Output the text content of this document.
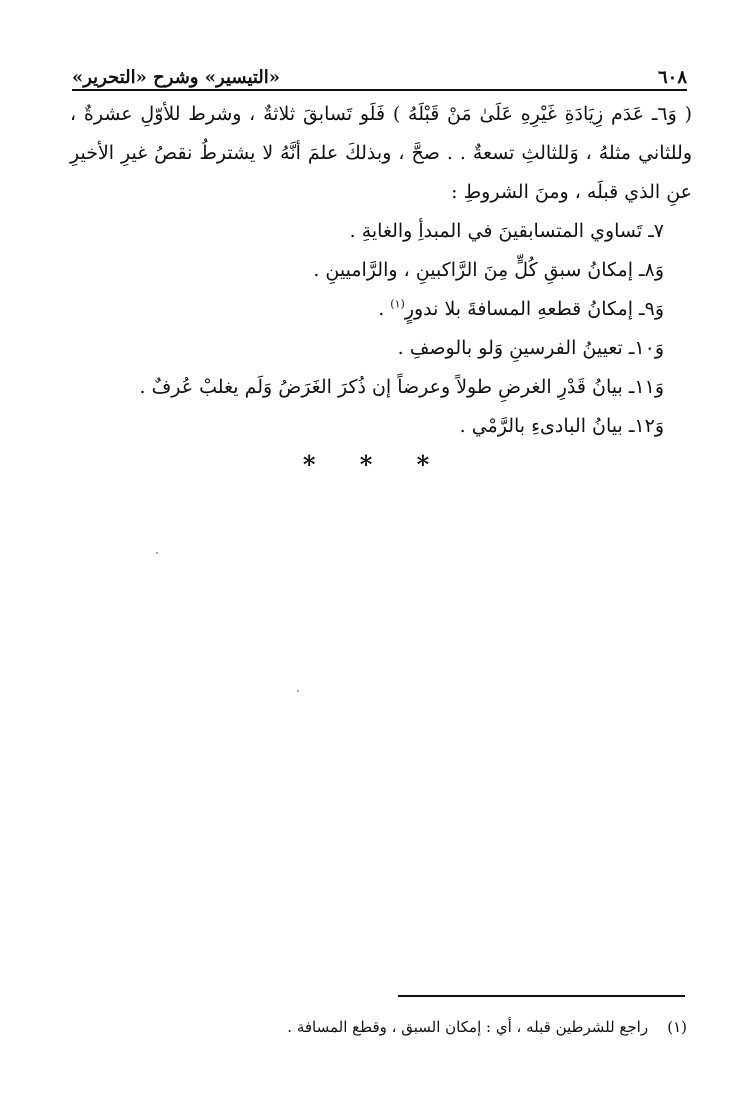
٦٠٨
«التيسير» وشرح «التحرير»

( وَ٦ـ عَدَم زِيَادَةِ غَيْرِهِ عَلَىٰ مَنْ قَبْلَهُ ) فَلَو تَسابقَ ثلاثةٌ ، وشرط للأوّلِ عشرةٌ ، وللثاني مثلهُ ، وَللثالثِ تسعةٌ . . صحَّ ، وبذلكَ علمَ أنَّهُ لا يشترطُ نقصُ غيرِ الأخيرِ عنِ الذي قبلَه ، ومنَ الشروطِ :

٧ـ تَساوي المتسابقينَ في المبدأِ والغايةِ .

وَ٨ـ إمكانُ سبقِ كُلٍّ مِنَ الرَّاكبينِ ، والرَّاميينِ .

وَ٩ـ إمكانُ قطعهِ المسافةَ بلا ندورٍ$^{(١)}$ .

وَ١٠ـ تعيينُ الفرسينِ وَلو بالوصفِ .

وَ١١ـ بيانُ قَدْرِ الغرضِ طولاً وعرضاً إن ذُكرَ الغَرَضُ وَلَم يغلبْ عُرفٌ .

وَ١٢ـ بيانُ البادىءِ بالرَّمْي .

* * *
(١)    راجع للشرطين قبله ، أي : إمكان السبق ، وقطع المسافة .
